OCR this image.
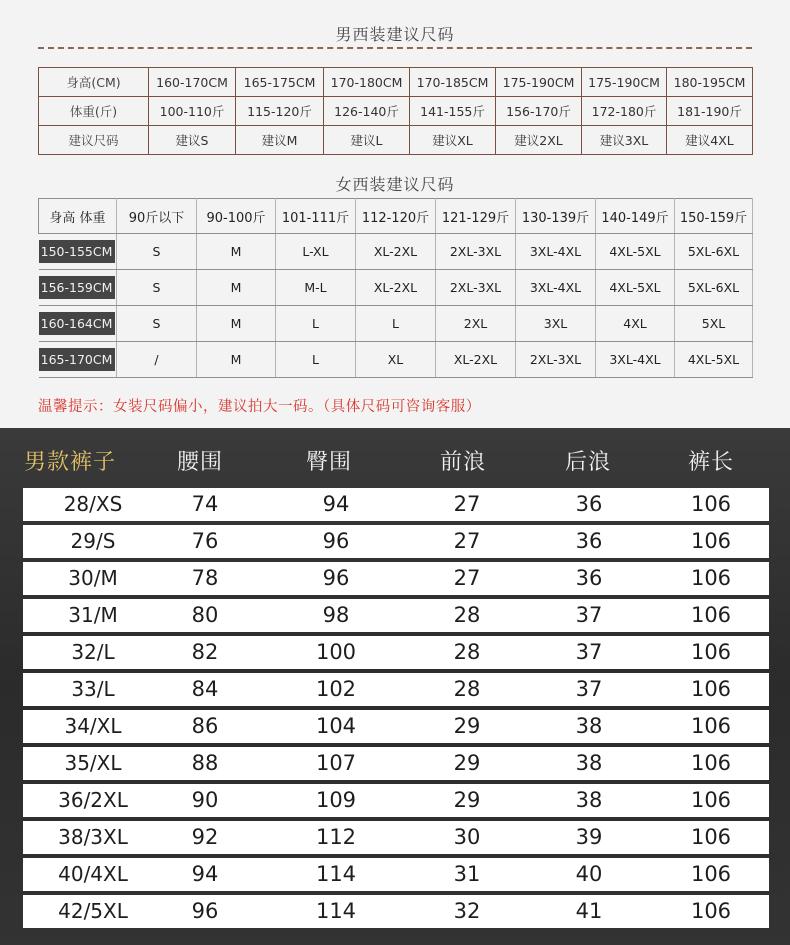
男西装建议尺码
身高(CM)	160-170CM	165-175CM	170-180CM	170-185CM	175-190CM	175-190CM	180-195CM
体重(斤)	100-110斤	115-120斤	126-140斤	141-155斤	156-170斤	172-180斤	181-190斤
建议尺码	建议S	建议M	建议L	建议XL	建议2XL	建议3XL	建议4XL
女西装建议尺码
身高 体重	90斤以下	90-100斤	101-111斤	112-120斤	121-129斤	130-139斤	140-149斤	150-159斤
150-155CM	S	M	L-XL	XL-2XL	2XL-3XL	3XL-4XL	4XL-5XL	5XL-6XL
156-159CM	S	M	M-L	XL-2XL	2XL-3XL	3XL-4XL	4XL-5XL	5XL-6XL
160-164CM	S	M	L	L	2XL	3XL	4XL	5XL
165-170CM	/	M	L	XL	XL-2XL	2XL-3XL	3XL-4XL	4XL-5XL
温馨提示：女装尺码偏小，建议拍大一码。（具体尺码可咨询客服）
男款裤子	腰围	臀围	前浪	后浪	裤长
28/XS	74	94	27	36	106
29/S	76	96	27	36	106
30/M	78	96	27	36	106
31/M	80	98	28	37	106
32/L	82	100	28	37	106
33/L	84	102	28	37	106
34/XL	86	104	29	38	106
35/XL	88	107	29	38	106
36/2XL	90	109	29	38	106
38/3XL	92	112	30	39	106
40/4XL	94	114	31	40	106
42/5XL	96	114	32	41	106
